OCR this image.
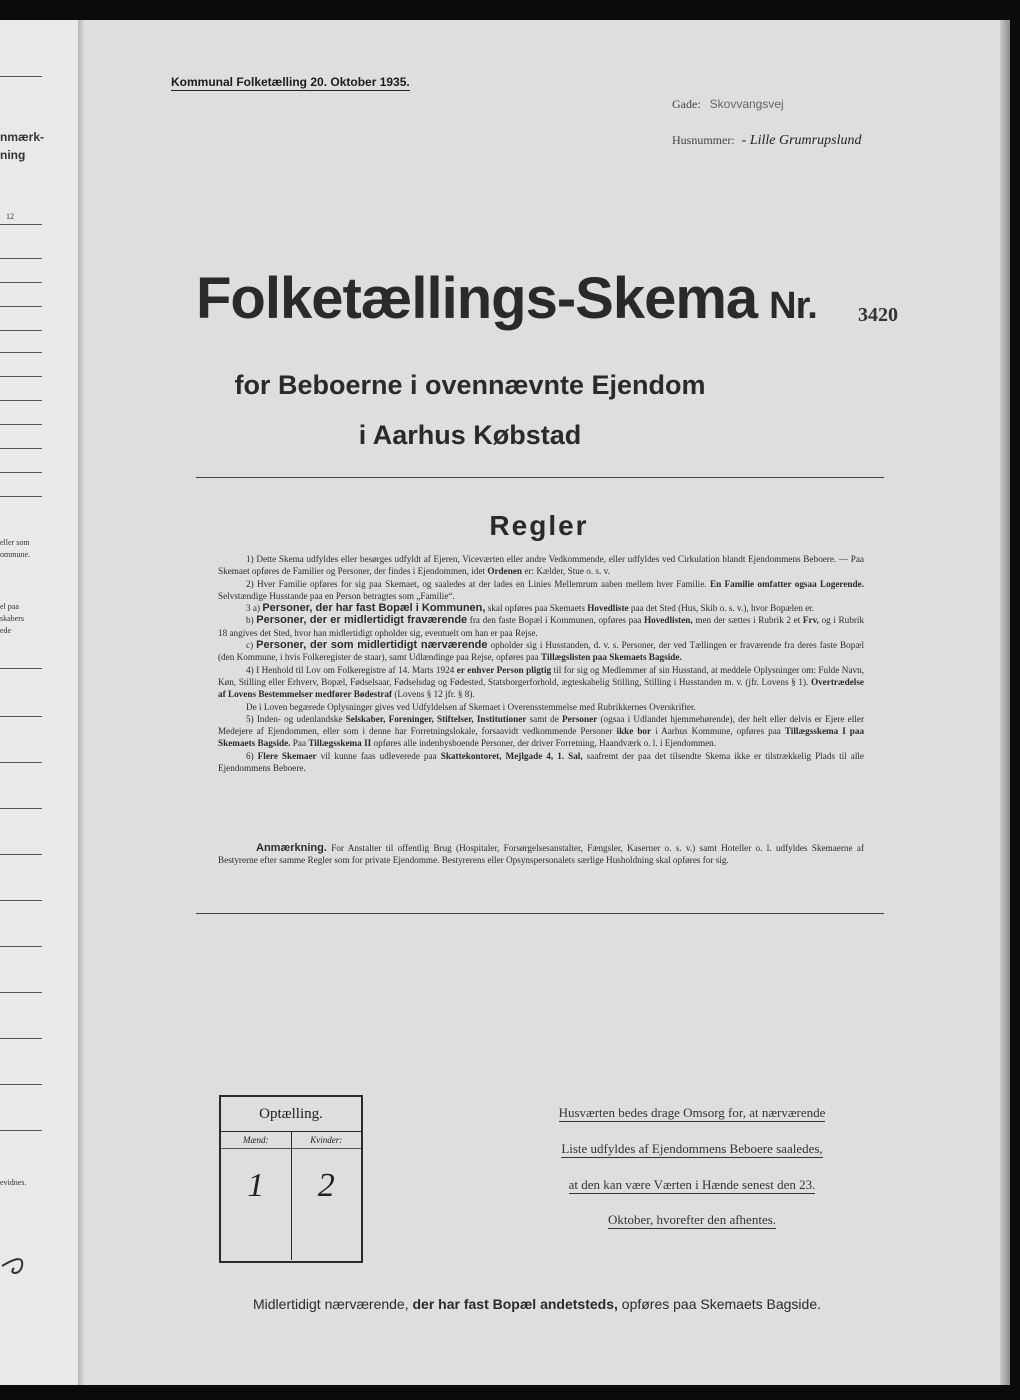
nmærk-
ning
12
eller som
ommune.
el paa
skabers
ede
evidnes.
Kommunal Folketælling 20. Oktober 1935.
Gade: Skovvangsvej
Husnummer: - Lille Grumrupslund
Folketællings-Skema Nr.	3420
for Beboerne i ovennævnte Ejendom
i Aarhus Købstad
Regler

1) Dette Skema udfyldes eller besørges udfyldt af Ejeren, Viceværten eller andre Vedkommende, eller udfyldes ved Cirkulation blandt Ejendommens Beboere. — Paa Skemaet opføres de Familier og Personer, der findes i Ejendommen, idet Ordenen er: Kælder, Stue o. s. v.

2) Hver Familie opføres for sig paa Skemaet, og saaledes at der lades en Linies Mellemrum aaben mellem hver Familie. En Familie omfatter ogsaa Logerende. Selvstændige Husstande paa en Person betragtes som „Familie“.

3 a) Personer, der har fast Bopæl i Kommunen, skal opføres paa Skemaets Hovedliste paa det Sted (Hus, Skib o. s. v.), hvor Bopælen er.

b) Personer, der er midlertidigt fraværende fra den faste Bopæl i Kommunen, opføres paa Hovedlisten, men der sættes i Rubrik 2 et Frv, og i Rubrik 18 angives det Sted, hvor han midlertidigt opholder sig, eventuelt om han er paa Rejse.

c) Personer, der som midlertidigt nærværende opholder sig i Husstanden, d. v. s. Personer, der ved Tællingen er fraværende fra deres faste Bopæl (den Kommune, i hvis Folkeregister de staar), samt Udlændinge paa Rejse, opføres paa Tillægslisten paa Skemaets Bagside.

4) I Henhold til Lov om Folkeregistre af 14. Marts 1924 er enhver Person pligtig til for sig og Medlemmer af sin Husstand, at meddele Oplysninger om: Fulde Navn, Køn, Stilling eller Erhverv, Bopæl, Fødselsaar, Fødselsdag og Fødested, Statsborgerforhold, ægteskabelig Stilling, Stilling i Husstanden m. v. (jfr. Lovens § 1). Overtrædelse af Lovens Bestemmelser medfører Bødestraf (Lovens § 12 jfr. § 8).

De i Loven begærede Oplysninger gives ved Udfyldelsen af Skemaet i Overensstemmelse med Rubrikkernes Overskrifter.

5) Inden- og udenlandske Selskaber, Foreninger, Stiftelser, Institutioner samt de Personer (ogsaa i Udlandet hjemmehørende), der helt eller delvis er Ejere eller Medejere af Ejendommen, eller som i denne har Forretningslokale, forsaavidt vedkommende Personer ikke bor i Aarhus Kommune, opføres paa Tillægsskema I paa Skemaets Bagside. Paa Tillægsskema II opføres alle indenbysboende Personer, der driver Forretning, Haandværk o. l. i Ejendommen.

6) Flere Skemaer vil kunne faas udleverede paa Skattekontoret, Mejlgade 4, 1. Sal, saafremt der paa det tilsendte Skema ikke er tilstrækkelig Plads til alle Ejendommens Beboere.

Anmærkning. For Anstalter til offentlig Brug (Hospitaler, Forsørgelsesanstalter, Fængsler, Kaserner o. s. v.) samt Hoteller o. l. udfyldes Skemaerne af Bestyrerne efter samme Regler som for private Ejendomme. Bestyrerens eller Opsynspersonalets særlige Husholdning skal opføres for sig.
Optælling.
Mænd:
1
Kvinder:
2
Husværten bedes drage Omsorg for, at nærværende
Liste udfyldes af Ejendommens Beboere saaledes,
at den kan være Værten i Hænde senest den 23.
Oktober, hvorefter den afhentes.
Midlertidigt nærværende, der har fast Bopæl andetsteds, opføres paa Skemaets Bagside.
